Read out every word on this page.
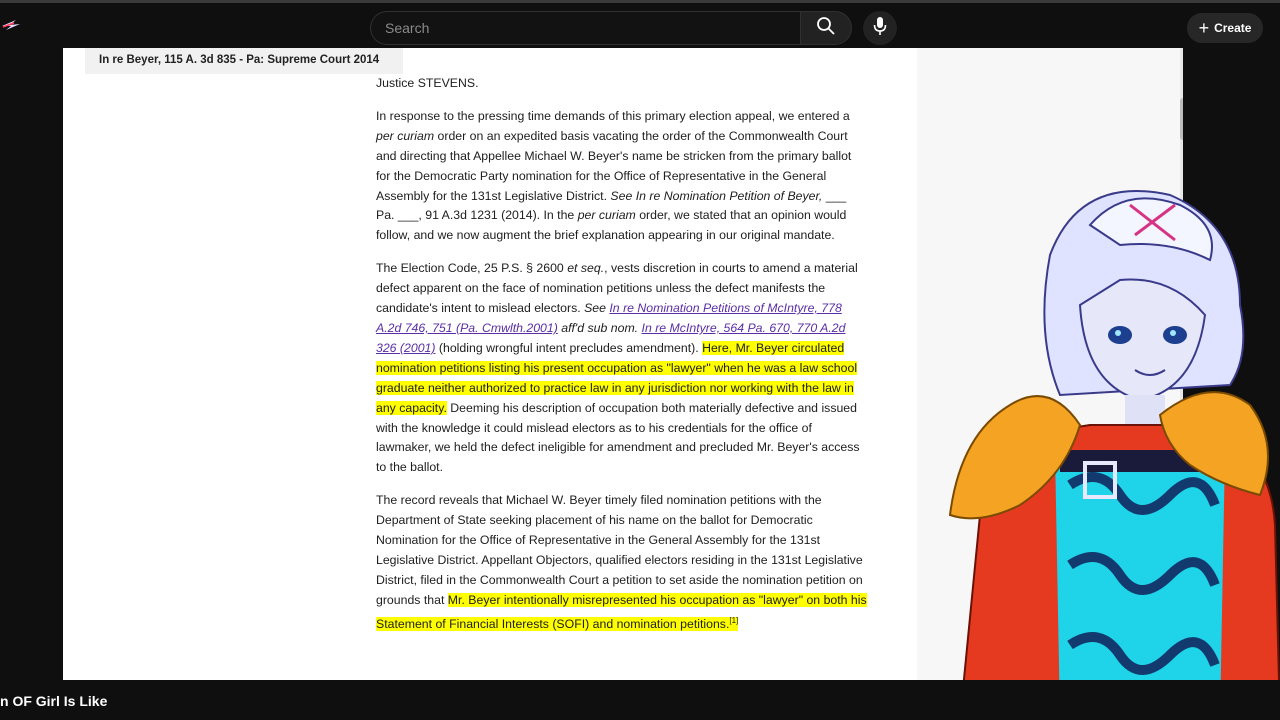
Search
+ Create
In re Beyer, 115 A. 3d 835 - Pa: Supreme Court 2014

Justice STEVENS.

In response to the pressing time demands of this primary election appeal, we entered a per curiam order on an expedited basis vacating the order of the Commonwealth Court and directing that Appellee Michael W. Beyer's name be stricken from the primary ballot for the Democratic Party nomination for the Office of Representative in the General Assembly for the 131st Legislative District. See In re Nomination Petition of Beyer, ___ Pa. ___, 91 A.3d 1231 (2014). In the per curiam order, we stated that an opinion would follow, and we now augment the brief explanation appearing in our original mandate.

The Election Code, 25 P.S. § 2600 et seq., vests discretion in courts to amend a material defect apparent on the face of nomination petitions unless the defect manifests the candidate's intent to mislead electors. See In re Nomination Petitions of McIntyre, 778 A.2d 746, 751 (Pa. Cmwlth.2001) aff'd sub nom. In re McIntyre, 564 Pa. 670, 770 A.2d 326 (2001) (holding wrongful intent precludes amendment). Here, Mr. Beyer circulated nomination petitions listing his present occupation as "lawyer" when he was a law school graduate neither authorized to practice law in any jurisdiction nor working with the law in any capacity. Deeming his description of occupation both materially defective and issued with the knowledge it could mislead electors as to his credentials for the office of lawmaker, we held the defect ineligible for amendment and precluded Mr. Beyer's access to the ballot.

The record reveals that Michael W. Beyer timely filed nomination petitions with the Department of State seeking placement of his name on the ballot for Democratic Nomination for the Office of Representative in the General Assembly for the 131st Legislative District. Appellant Objectors, qualified electors residing in the 131st Legislative District, filed in the Commonwealth Court a petition to set aside the nomination petition on grounds that Mr. Beyer intentionally misrepresented his occupation as "lawyer" on both his Statement of Financial Interests (SOFI) and nomination petitions.[1]

n OF Girl Is Like
